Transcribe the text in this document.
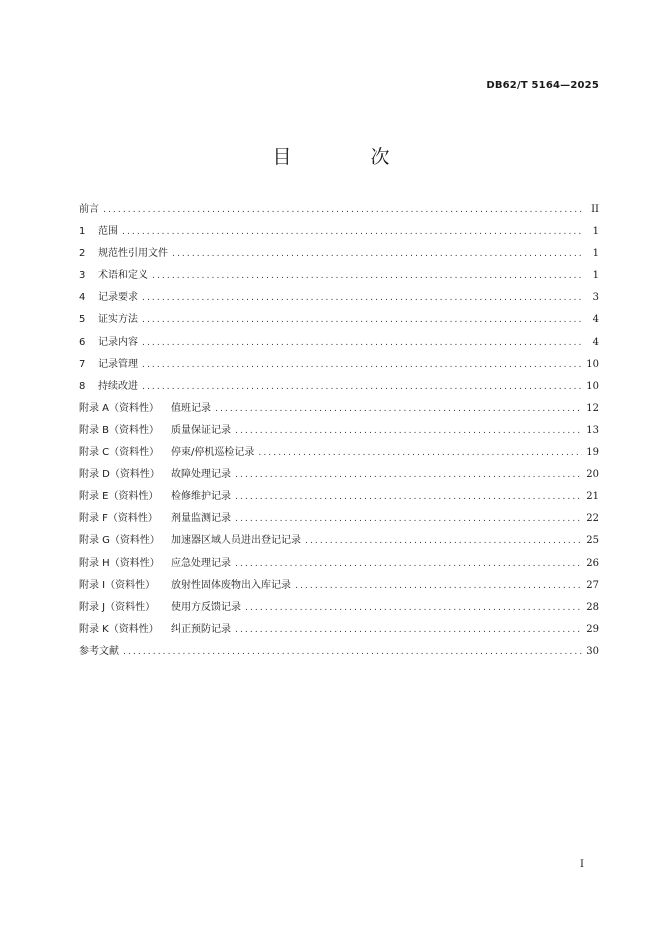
DB62/T 5164—2025
目　次
前言 .....	II
1	范围 .....	1
2	规范性引用文件 .....	1
3	术语和定义 .....	1
4	记录要求 .....	3
5	证实方法 .....	4
6	记录内容 .....	4
7	记录管理 .....	10
8	持续改进 .....	10
附录 A（资料性）	值班记录 .....	12
附录 B（资料性）	质量保证记录 .....	13
附录 C（资料性）	停束/停机巡检记录 .....	19
附录 D（资料性）	故障处理记录 .....	20
附录 E（资料性）	检修维护记录 .....	21
附录 F（资料性）	剂量监测记录 .....	22
附录 G（资料性）	加速器区域人员进出登记记录 .....	25
附录 H（资料性）	应急处理记录 .....	26
附录 I（资料性）	放射性固体废物出入库记录 .....	27
附录 J（资料性）	使用方反馈记录 .....	28
附录 K（资料性）	纠正预防记录 .....	29
参考文献 .....	30
I
